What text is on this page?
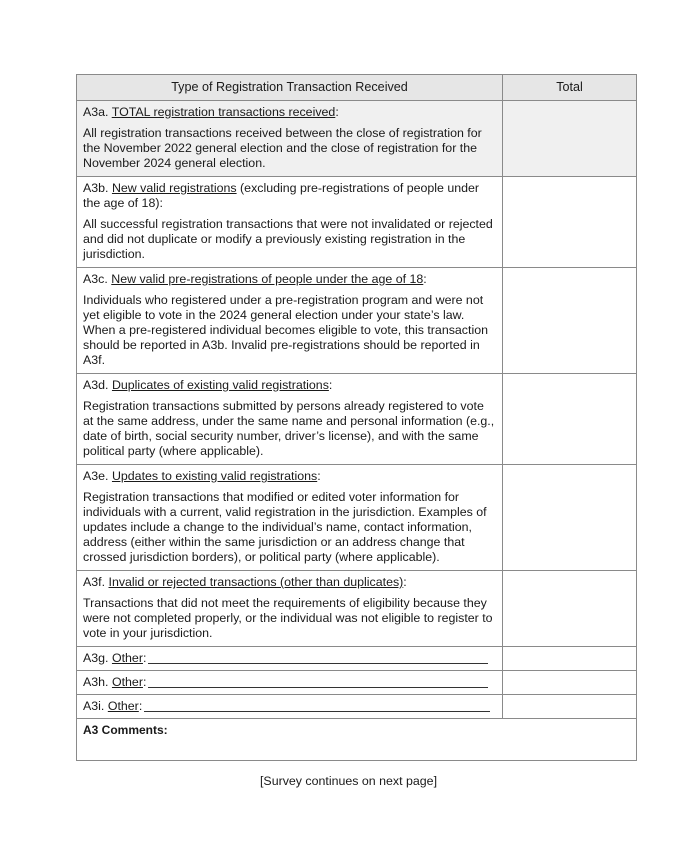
Type of Registration Transaction Received	Total

A3a. TOTAL registration transactions received:

All registration transactions received between the close of registration for the November 2022 general election and the close of registration for the November 2024 general election.	

A3b. New valid registrations (excluding pre-registrations of people under the age of 18):

All successful registration transactions that were not invalidated or rejected and did not duplicate or modify a previously existing registration in the jurisdiction.	

A3c. New valid pre-registrations of people under the age of 18:

Individuals who registered under a pre-registration program and were not yet eligible to vote in the 2024 general election under your state’s law. When a pre-registered individual becomes eligible to vote, this transaction should be reported in A3b. Invalid pre-registrations should be reported in A3f.	

A3d. Duplicates of existing valid registrations:

Registration transactions submitted by persons already registered to vote at the same address, under the same name and personal information (e.g., date of birth, social security number, driver’s license), and with the same political party (where applicable).	

A3e. Updates to existing valid registrations:

Registration transactions that modified or edited voter information for individuals with a current, valid registration in the jurisdiction. Examples of updates include a change to the individual’s name, contact information, address (either within the same jurisdiction or an address change that crossed jurisdiction borders), or political party (where applicable).	

A3f. Invalid or rejected transactions (other than duplicates):

Transactions that did not meet the requirements of eligibility because they were not completed properly, or the individual was not eligible to register to vote in your jurisdiction.	

A3g. Other:	
A3h. Other:	
A3i. Other:	
A3 Comments:	
[Survey continues on next page]
